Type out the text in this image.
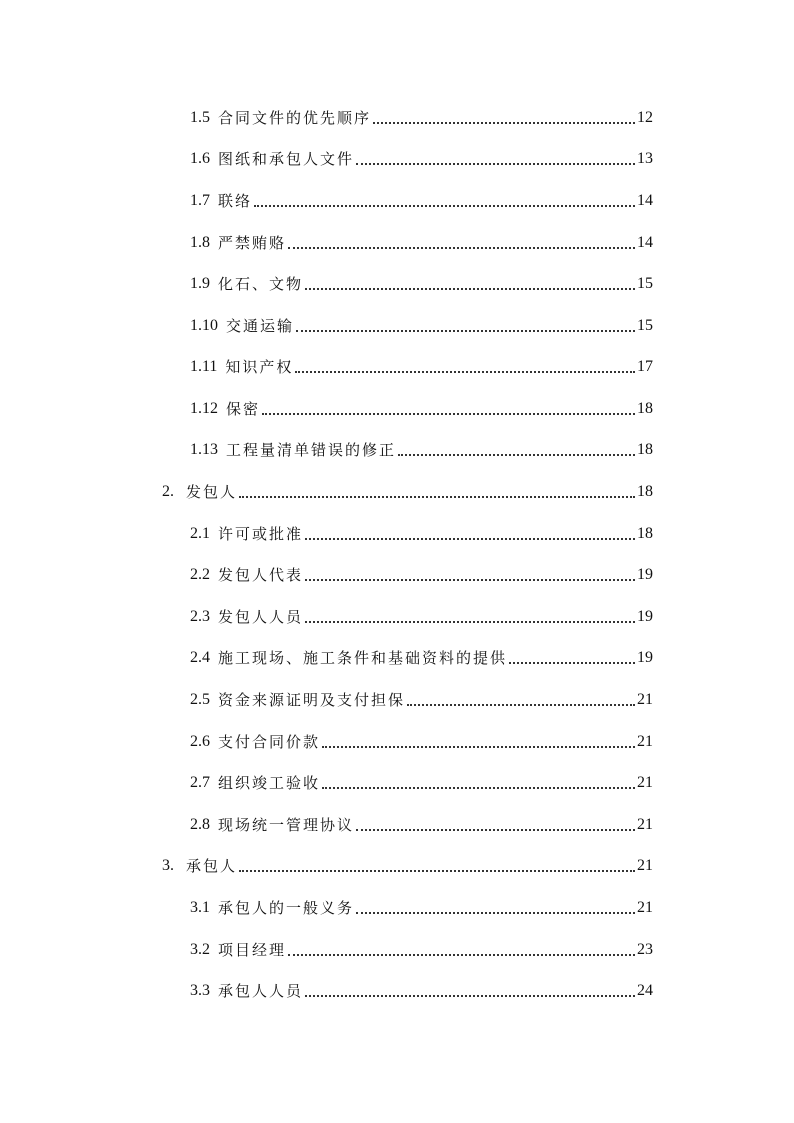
1.5 合同文件的优先顺序	12
1.6 图纸和承包人文件	13
1.7 联络	14
1.8 严禁贿赂	14
1.9 化石、文物	15
1.10 交通运输	15
1.11 知识产权	17
1.12 保密	18
1.13 工程量清单错误的修正	18
2. 发包人	18
2.1 许可或批准	18
2.2 发包人代表	19
2.3 发包人人员	19
2.4 施工现场、施工条件和基础资料的提供	19
2.5 资金来源证明及支付担保	21
2.6 支付合同价款	21
2.7 组织竣工验收	21
2.8 现场统一管理协议	21
3. 承包人	21
3.1 承包人的一般义务	21
3.2 项目经理	23
3.3 承包人人员	24
